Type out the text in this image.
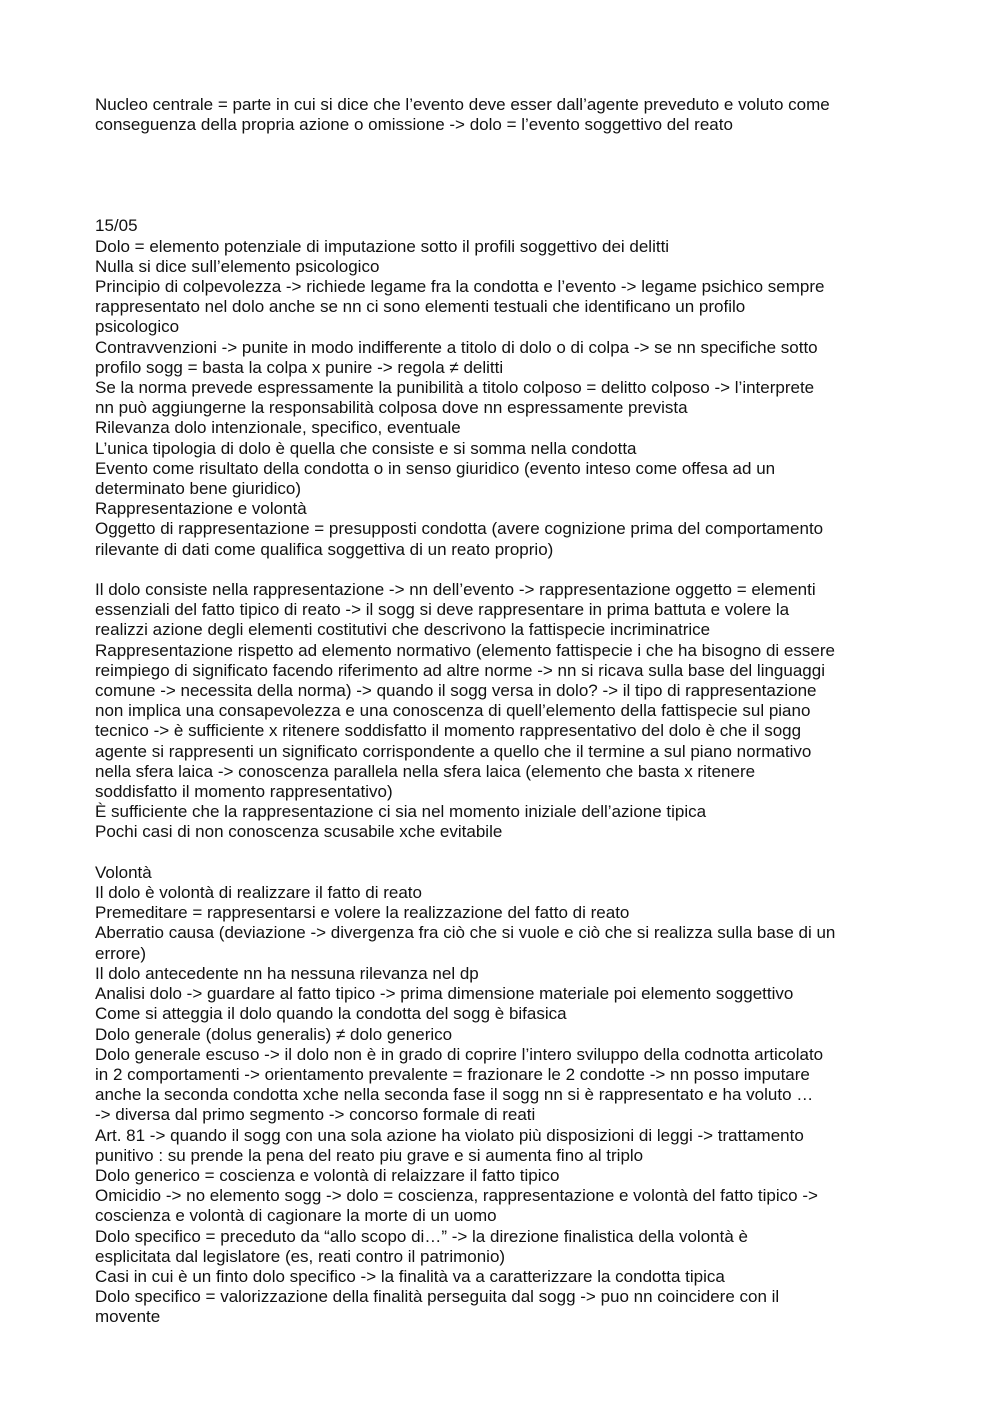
Nucleo centrale = parte in cui si dice che l’evento deve esser dall’agente preveduto e voluto come
conseguenza della propria azione o omissione -> dolo = l’evento soggettivo del reato
15/05
Dolo = elemento potenziale di imputazione sotto il profili soggettivo dei delitti
Nulla si dice sull’elemento psicologico
Principio di colpevolezza -> richiede legame fra la condotta e l’evento -> legame psichico sempre
rappresentato nel dolo anche se nn ci sono elementi testuali che identificano un profilo
psicologico
Contravvenzioni -> punite in modo indifferente a titolo di dolo o di colpa -> se nn specifiche sotto
profilo sogg = basta la colpa x punire -> regola ≠ delitti
Se la norma prevede espressamente la punibilità a titolo colposo = delitto colposo -> l’interprete
nn può aggiungerne la responsabilità colposa dove nn espressamente prevista
Rilevanza dolo intenzionale, specifico, eventuale
L’unica tipologia di dolo è quella che consiste e si somma nella condotta
Evento come risultato della condotta o in senso giuridico (evento inteso come offesa ad un
determinato bene giuridico)
Rappresentazione e volontà
Oggetto di rappresentazione = presupposti condotta (avere cognizione prima del comportamento
rilevante di dati come qualifica soggettiva di un reato proprio)
Il dolo consiste nella rappresentazione -> nn dell’evento -> rappresentazione oggetto = elementi
essenziali del fatto tipico di reato -> il sogg si deve rappresentare in prima battuta e volere la
realizzi azione degli elementi costitutivi che descrivono la fattispecie incriminatrice
Rappresentazione rispetto ad elemento normativo (elemento fattispecie i che ha bisogno di essere
reimpiego di significato facendo riferimento ad altre norme -> nn si ricava sulla base del linguaggi
comune -> necessita della norma) -> quando il sogg versa in dolo? -> il tipo di rappresentazione
non implica una consapevolezza e una conoscenza di quell’elemento della fattispecie sul piano
tecnico -> è sufficiente x ritenere soddisfatto il momento rappresentativo del dolo è che il sogg
agente si rappresenti un significato corrispondente a quello che il termine a sul piano normativo
nella sfera laica -> conoscenza parallela nella sfera laica (elemento che basta x ritenere
soddisfatto il momento rappresentativo)
È sufficiente che la rappresentazione ci sia nel momento iniziale dell’azione tipica
Pochi casi di non conoscenza scusabile xche evitabile
Volontà
Il dolo è volontà di realizzare il fatto di reato
Premeditare = rappresentarsi e volere la realizzazione del fatto di reato
Aberratio causa (deviazione -> divergenza fra ciò che si vuole e ciò che si realizza sulla base di un
errore)
Il dolo antecedente nn ha nessuna rilevanza nel dp
Analisi dolo -> guardare al fatto tipico -> prima dimensione materiale poi elemento soggettivo
Come si atteggia il dolo quando la condotta del sogg è bifasica
Dolo generale (dolus generalis) ≠ dolo generico
Dolo generale escuso -> il dolo non è in grado di coprire l’intero sviluppo della codnotta articolato
in 2 comportamenti -> orientamento prevalente = frazionare le 2 condotte -> nn posso imputare
anche la seconda condotta xche nella seconda fase il sogg nn si è rappresentato e ha voluto …
-> diversa dal primo segmento -> concorso formale di reati
Art. 81 -> quando il sogg con una sola azione ha violato più disposizioni di leggi -> trattamento
punitivo : su prende la pena del reato piu grave e si aumenta fino al triplo
Dolo generico = coscienza e volontà di relaizzare il fatto tipico
Omicidio -> no elemento sogg -> dolo = coscienza, rappresentazione e volontà del fatto tipico ->
coscienza e volontà di cagionare la morte di un uomo
Dolo specifico = preceduto da “allo scopo di…” -> la direzione finalistica della volontà è
esplicitata dal legislatore (es, reati contro il patrimonio)
Casi in cui è un finto dolo specifico -> la finalità va a caratterizzare la condotta tipica
Dolo specifico = valorizzazione della finalità perseguita dal sogg -> puo nn coincidere con il
movente
